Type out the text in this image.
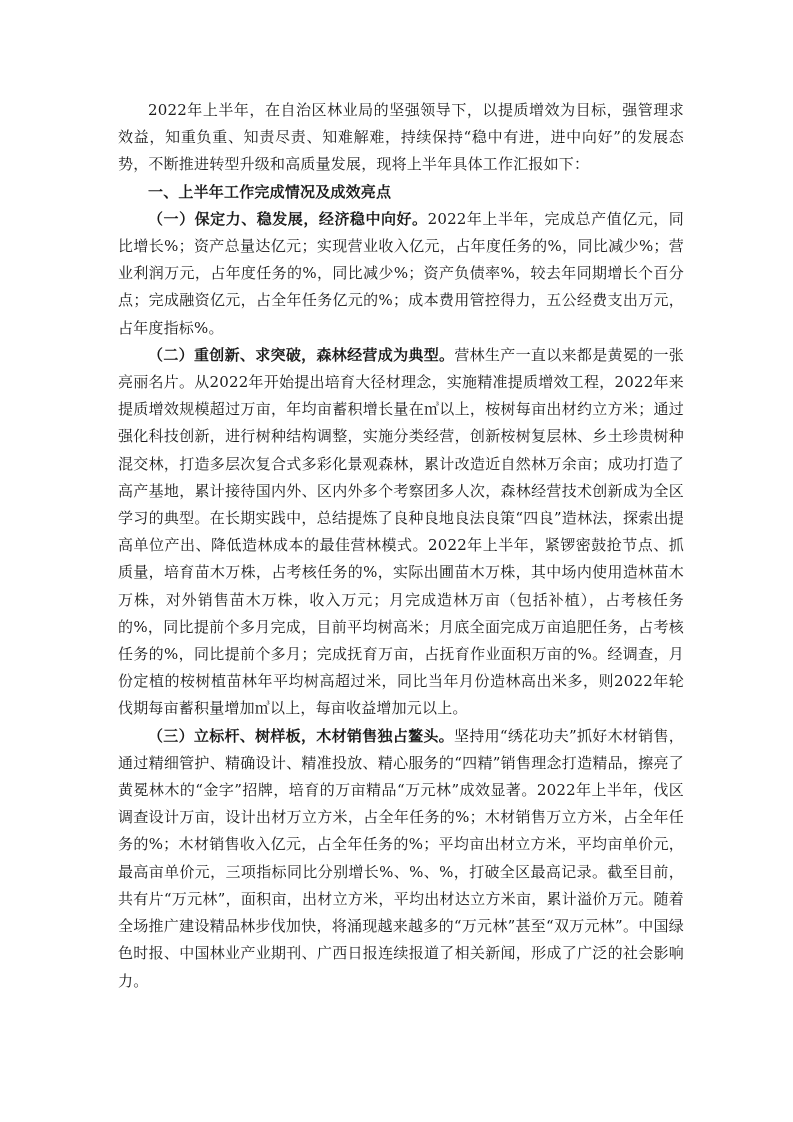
2022年上半年，在自治区林业局的坚强领导下，以提质增效为目标，强管理求效益，知重负重、知责尽责、知难解难，持续保持“稳中有进，进中向好”的发展态势，不断推进转型升级和高质量发展，现将上半年具体工作汇报如下：

一、上半年工作完成情况及成效亮点

（一）保定力、稳发展，经济稳中向好。2022年上半年，完成总产值亿元，同比增长%；资产总量达亿元；实现营业收入亿元，占年度任务的%，同比减少%；营业利润万元，占年度任务的%，同比减少%；资产负债率%，较去年同期增长个百分点；完成融资亿元，占全年任务亿元的%；成本费用管控得力，五公经费支出万元，占年度指标%。

（二）重创新、求突破，森林经营成为典型。营林生产一直以来都是黄冕的一张亮丽名片。从2022年开始提出培育大径材理念，实施精准提质增效工程，2022年来提质增效规模超过万亩，年均亩蓄积增长量在㎥以上，桉树每亩出材约立方米；通过强化科技创新，进行树种结构调整，实施分类经营，创新桉树复层林、乡土珍贵树种混交林，打造多层次复合式多彩化景观森林，累计改造近自然林万余亩；成功打造了高产基地，累计接待国内外、区内外多个考察团多人次，森林经营技术创新成为全区学习的典型。在长期实践中，总结提炼了良种良地良法良策“四良”造林法，探索出提高单位产出、降低造林成本的最佳营林模式。2022年上半年，紧锣密鼓抢节点、抓质量，培育苗木万株，占考核任务的%，实际出圃苗木万株，其中场内使用造林苗木万株，对外销售苗木万株，收入万元；月完成造林万亩（包括补植），占考核任务的%，同比提前个多月完成，目前平均树高米；月底全面完成万亩追肥任务，占考核任务的%，同比提前个多月；完成抚育万亩，占抚育作业面积万亩的%。经调查，月份定植的桉树植苗林年平均树高超过米，同比当年月份造林高出米多，则2022年轮伐期每亩蓄积量增加㎥以上，每亩收益增加元以上。

（三）立标杆、树样板，木材销售独占鳌头。坚持用“绣花功夫”抓好木材销售，通过精细管护、精确设计、精准投放、精心服务的“四精”销售理念打造精品，擦亮了黄冕林木的“金字”招牌，培育的万亩精品“万元林”成效显著。2022年上半年，伐区调查设计万亩，设计出材万立方米，占全年任务的%；木材销售万立方米，占全年任务的%；木材销售收入亿元，占全年任务的%；平均亩出材立方米，平均亩单价元，最高亩单价元，三项指标同比分别增长%、%、%，打破全区最高记录。截至目前，共有片“万元林”，面积亩，出材立方米，平均出材达立方米亩，累计溢价万元。随着全场推广建设精品林步伐加快，将涌现越来越多的“万元林”甚至“双万元林”。中国绿色时报、中国林业产业期刊、广西日报连续报道了相关新闻，形成了广泛的社会影响力。
